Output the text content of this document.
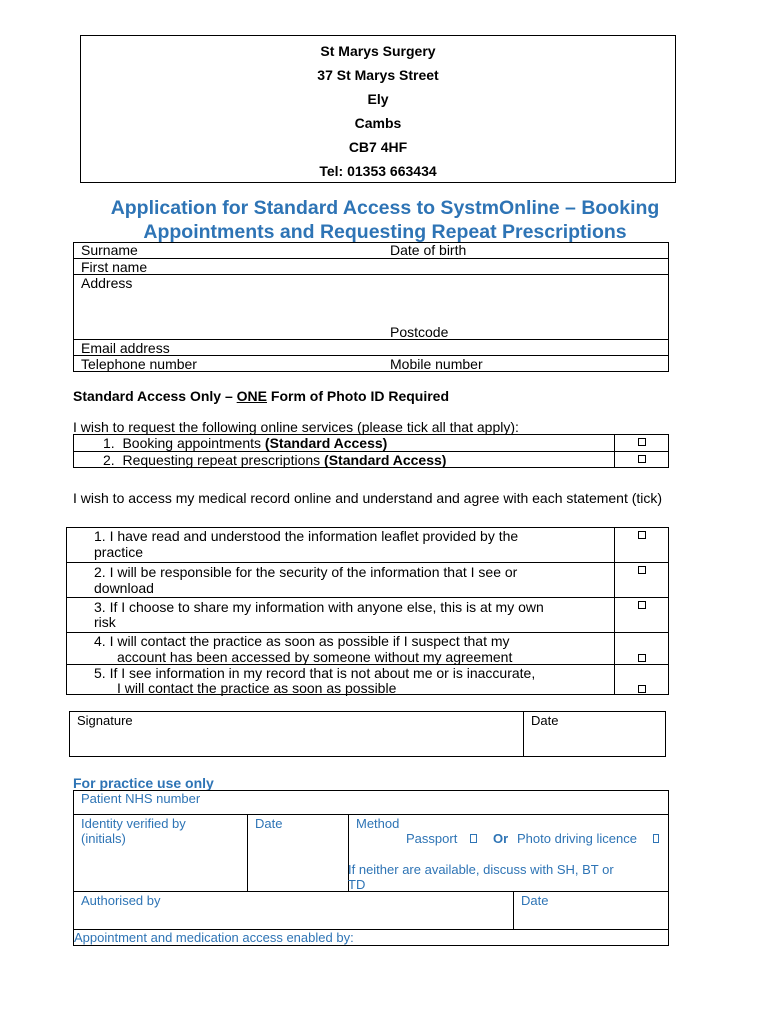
St Marys Surgery
37 St Marys Street
Ely
Cambs
CB7 4HF
Tel: 01353 663434
Application for Standard Access to SystmOnline – Booking
Appointments and Requesting Repeat Prescriptions
Surname	Date of birth
First name
Address
Postcode
Email address
Telephone number	Mobile number
Standard Access Only – ONE Form of Photo ID Required
I wish to request the following online services (please tick all that apply):
1. Booking appointments (Standard Access)
2. Requesting repeat prescriptions (Standard Access)
I wish to access my medical record online and understand and agree with each statement (tick)
1. I have read and understood the information leaflet provided by the
practice
2. I will be responsible for the security of the information that I see or
download
3. If I choose to share my information with anyone else, this is at my own
risk
4. I will contact the practice as soon as possible if I suspect that my
account has been accessed by someone without my agreement
5. If I see information in my record that is not about me or is inaccurate,
I will contact the practice as soon as possible
Signature	Date
For practice use only
Patient NHS number
Identity verified by
(initials)
Date	Method
Passport	Or Photo driving licence
If neither are available, discuss with SH, BT or
TD
Authorised by	Date
Appointment and medication access enabled by:
